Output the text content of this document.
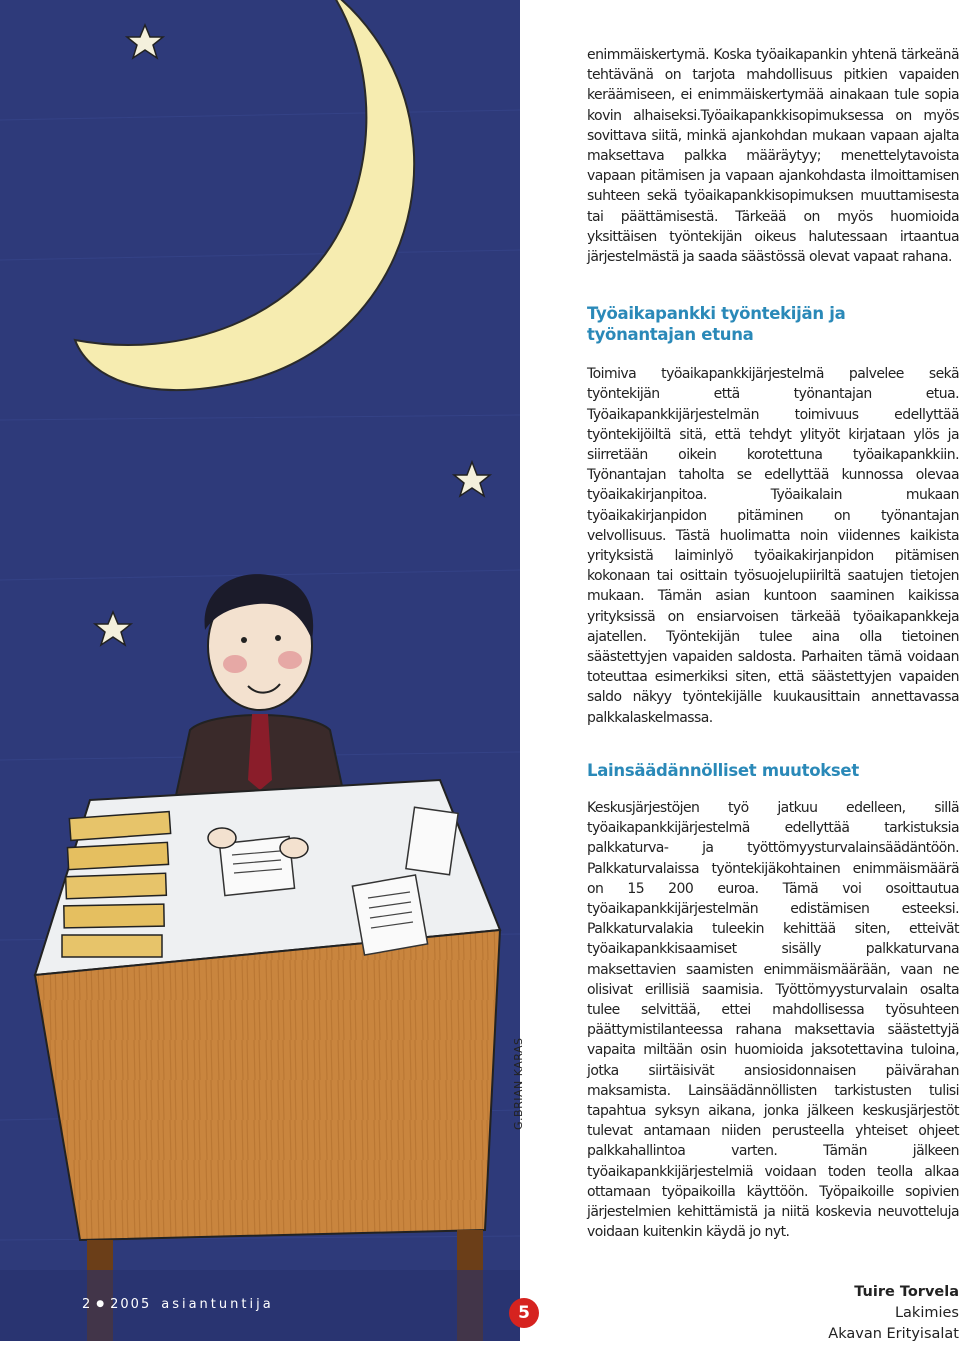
G.BRIAN KARAS
2 ● 2005 asiantuntija	5

enimmäiskertymä. Koska työaikapankin yhtenä tärkeänä tehtävänä on tarjota mahdollisuus pitkien vapaiden keräämiseen, ei enimmäiskertymää ainakaan tule sopia kovin alhaiseksi.Työaikapankkisopimuksessa on myös sovittava siitä, minkä ajankohdan mukaan vapaan ajalta maksettava palkka määräytyy; menettelytavoista vapaan pitämisen ja vapaan ajankohdasta ilmoittamisen suhteen sekä työaikapankkisopimuksen muuttamisesta tai päättämisestä. Tärkeää on myös huomioida yksittäisen työntekijän oikeus halutessaan irtaantua järjestelmästä ja saada säästössä olevat vapaat rahana.

Työaikapankki työntekijän ja työnantajan etuna

Toimiva työaikapankkijärjestelmä palvelee sekä työntekijän että työnantajan etua. Työaikapankkijärjestelmän toimivuus edellyttää työntekijöiltä sitä, että tehdyt ylityöt kirjataan ylös ja siirretään oikein korotettuna työaikapankkiin. Työnantajan taholta se edellyttää kunnossa olevaa työaikakirjanpitoa. Työaikalain mukaan työaikakirjanpidon pitäminen on työnantajan velvollisuus. Tästä huolimatta noin viidennes kaikista yrityksistä laiminlyö työaikakirjanpidon pitämisen kokonaan tai osittain työsuojelupiiriltä saatujen tietojen mukaan. Tämän asian kuntoon saaminen kaikissa yrityksissä on ensiarvoisen tärkeää työaikapankkeja ajatellen. Työntekijän tulee aina olla tietoinen säästettyjen vapaiden saldosta. Parhaiten tämä voidaan toteuttaa esimerkiksi siten, että säästettyjen vapaiden saldo näkyy työntekijälle kuukausittain annettavassa palkkalaskelmassa.

Lainsäädännölliset muutokset

Keskusjärjestöjen työ jatkuu edelleen, sillä työaikapankkijärjestelmä edellyttää tarkistuksia palkkaturva- ja työttömyysturvalainsäädäntöön. Palkkaturvalaissa työntekijäkohtainen enimmäismäärä on 15 200 euroa. Tämä voi osoittautua työaikapankkijärjestelmän edistämisen esteeksi. Palkkaturvalakia tuleekin kehittää siten, etteivät työaikapankkisaamiset sisälly palkkaturvana maksettavien saamisten enimmäismäärään, vaan ne olisivat erillisiä saamisia. Työttömyysturvalain osalta tulee selvittää, ettei mahdollisessa työsuhteen päättymistilanteessa rahana maksettavia säästettyjä vapaita miltään osin huomioida jaksotettavina tuloina, jotka siirtäisivät ansiosidonnaisen päivärahan maksamista. Lainsäädännöllisten tarkistusten tulisi tapahtua syksyn aikana, jonka jälkeen keskusjärjestöt tulevat antamaan niiden perusteella yhteiset ohjeet palkkahallintoa varten. Tämän jälkeen työaikapankkijärjestelmiä voidaan toden teolla alkaa ottamaan työpaikoilla käyttöön. Työpaikoille sopivien järjestelmien kehittämistä ja niitä koskevia neuvotteluja voidaan kuitenkin käydä jo nyt.

Tuire Torvela
Lakimies
Akavan Erityisalat
